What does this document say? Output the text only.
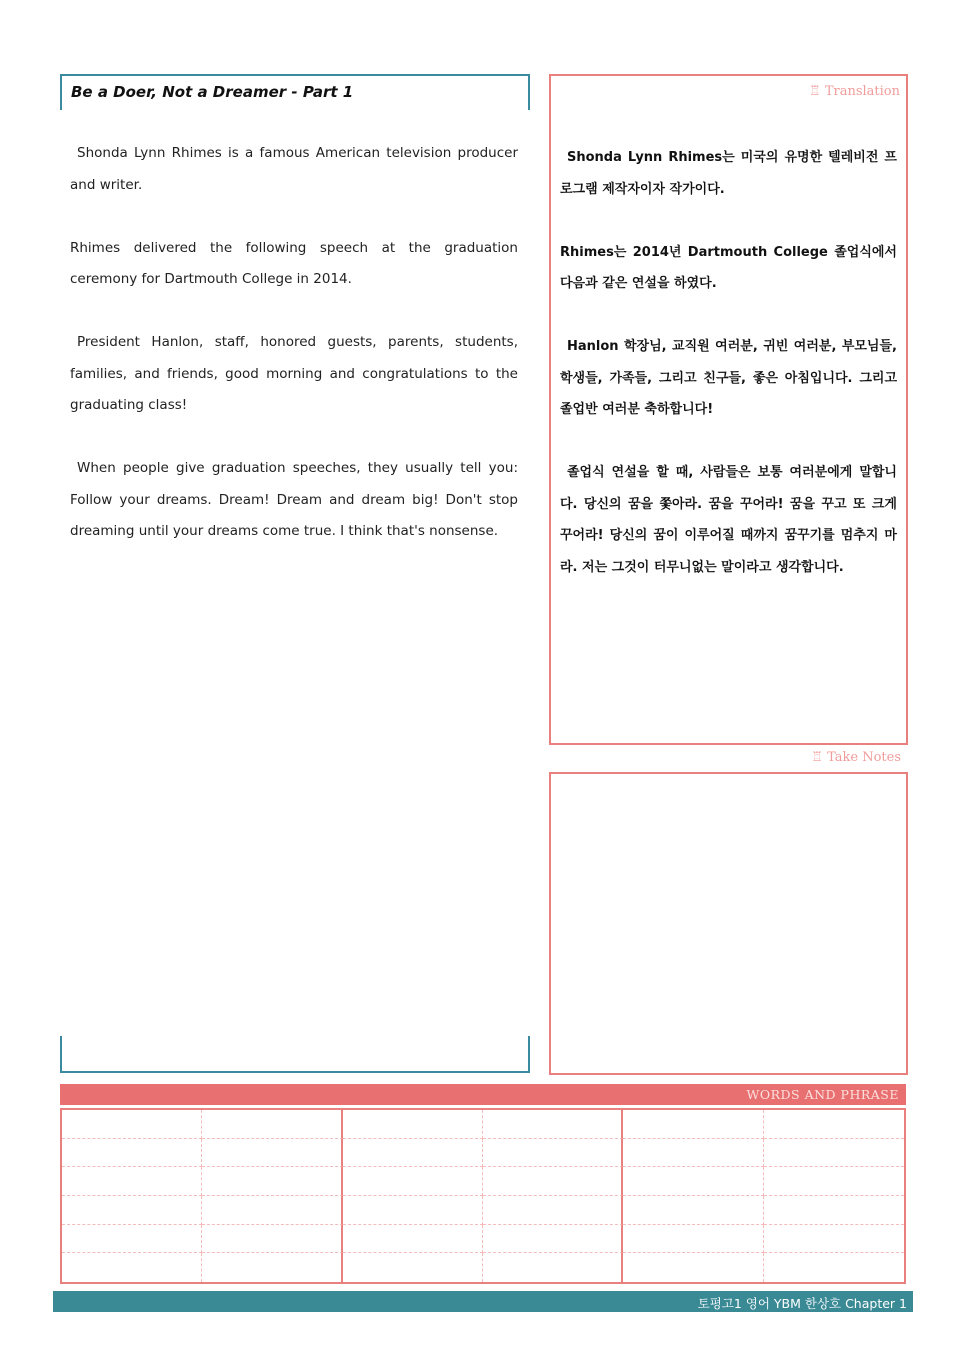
Be a Doer, Not a Dreamer - Part 1

Shonda Lynn Rhimes is a famous American television producer and writer.

Rhimes delivered the following speech at the graduation ceremony for Dartmouth College in 2014.

President Hanlon, staff, honored guests, parents, students, families, and friends, good morning and congratulations to the graduating class!

When people give graduation speeches, they usually tell you: Follow your dreams. Dream! Dream and dream big! Don't stop dreaming until your dreams come true. I think that's nonsense.

♖ Translation

Shonda Lynn Rhimes는 미국의 유명한 텔레비전 프로그램 제작자이자 작가이다.

Rhimes는 2014년 Dartmouth College 졸업식에서 다음과 같은 연설을 하였다.

Hanlon 학장님, 교직원 여러분, 귀빈 여러분, 부모님들, 학생들, 가족들, 그리고 친구들, 좋은 아침입니다. 그리고 졸업반 여러분 축하합니다!

졸업식 연설을 할 때, 사람들은 보통 여러분에게 말합니다. 당신의 꿈을 쫓아라. 꿈을 꾸어라! 꿈을 꾸고 또 크게 꾸어라! 당신의 꿈이 이루어질 때까지 꿈꾸기를 멈추지 마라. 저는 그것이 터무니없는 말이라고 생각합니다.

♖ Take Notes
WORDS AND PHRASE
토평고1 영어 YBM 한상호 Chapter 1
